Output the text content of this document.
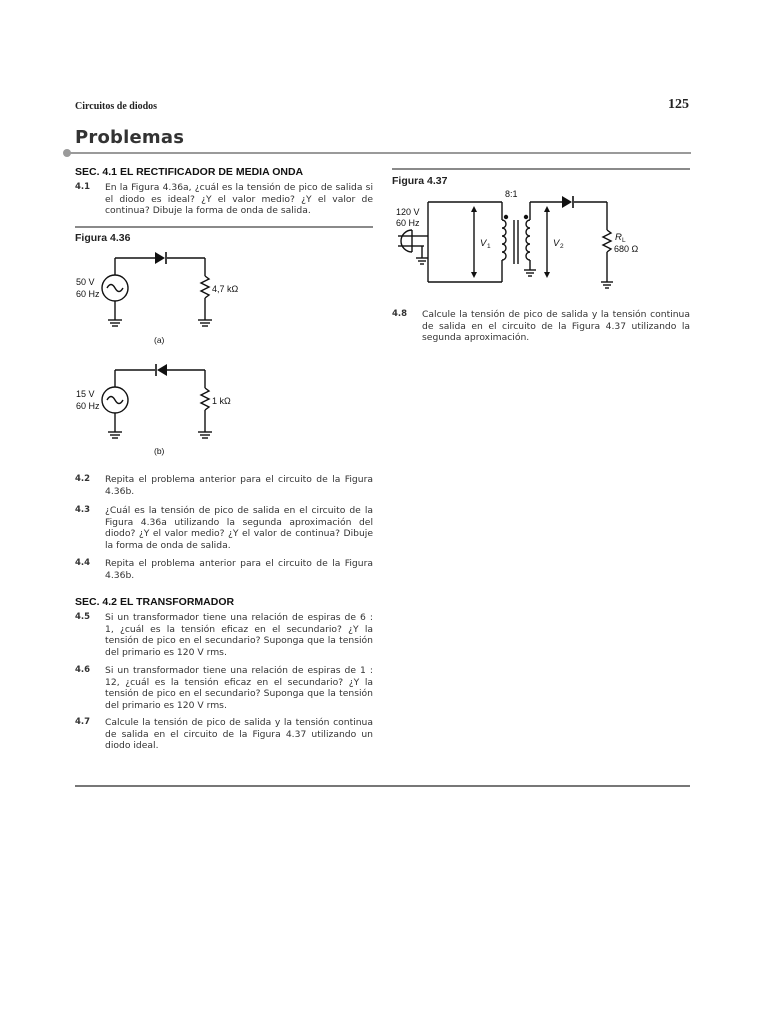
Circuitos de diodos	125
Problemas
SEC. 4.1 EL RECTIFICADOR DE MEDIA ONDA
4.1 En la Figura 4.36a, ¿cuál es la tensión de pico de salida si el diodo es ideal? ¿Y el valor medio? ¿Y el valor de continua? Dibuje la forma de onda de salida.
Figura 4.36
50 V
60 Hz	4,7 kΩ
(a)
15 V
60 Hz	1 kΩ
(b)
4.2 Repita el problema anterior para el circuito de la Figura 4.36b.
4.3 ¿Cuál es la tensión de pico de salida en el circuito de la Figura 4.36a utilizando la segunda aproximación del diodo? ¿Y el valor medio? ¿Y el valor de continua? Dibuje la forma de onda de salida.
4.4 Repita el problema anterior para el circuito de la Figura 4.36b.
SEC. 4.2 EL TRANSFORMADOR
4.5 Si un transformador tiene una relación de espiras de 6 : 1, ¿cuál es la tensión eficaz en el secundario? ¿Y la tensión de pico en el secundario? Suponga que la tensión del primario es 120 V rms.
4.6 Si un transformador tiene una relación de espiras de 1 : 12, ¿cuál es la tensión eficaz en el secundario? ¿Y la tensión de pico en el secundario? Suponga que la tensión del primario es 120 V rms.
4.7 Calcule la tensión de pico de salida y la tensión continua de salida en el circuito de la Figura 4.37 utilizando un diodo ideal.
Figura 4.37
120 V
60 Hz
8:1
V 1	V 2
R L
680 Ω
4.8 Calcule la tensión de pico de salida y la tensión continua de salida en el circuito de la Figura 4.37 utilizando la segunda aproximación.
